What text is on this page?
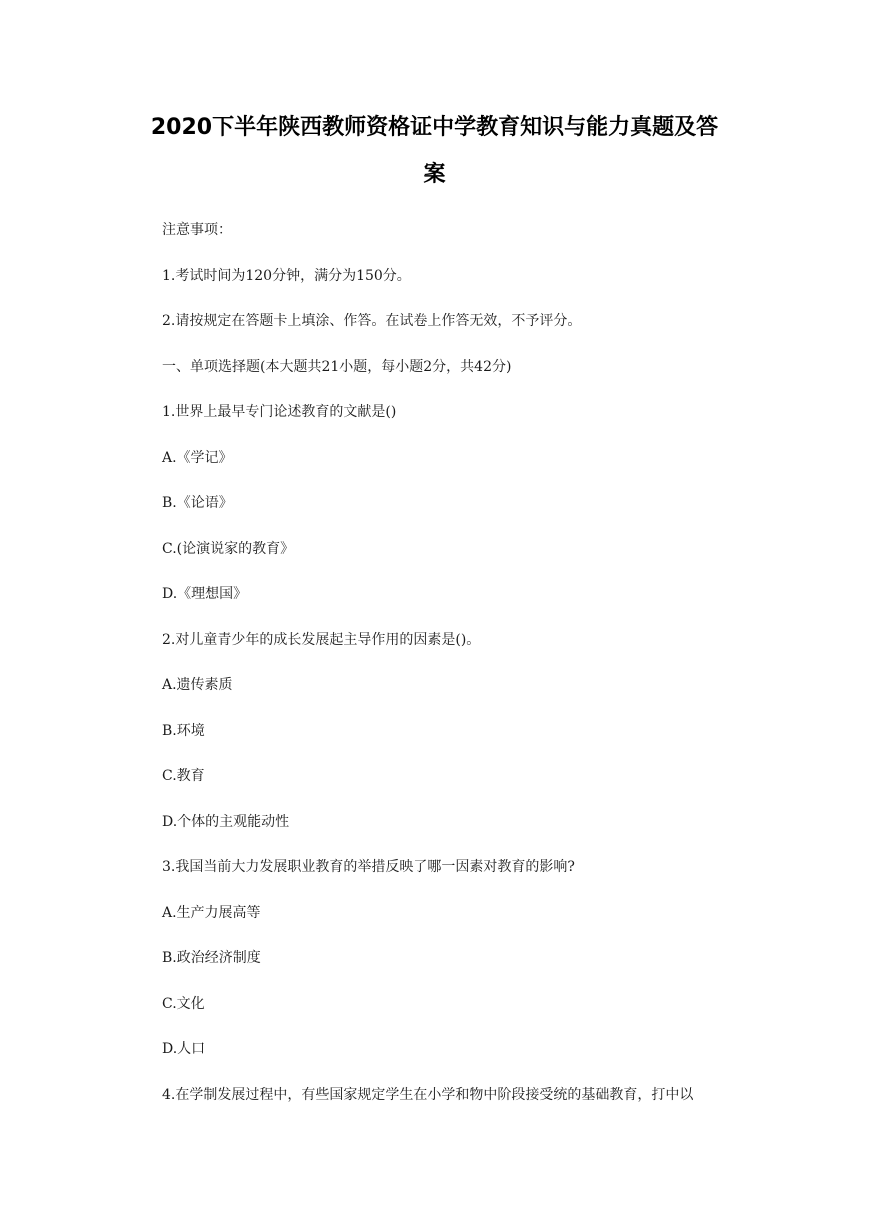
2020下半年陕西教师资格证中学教育知识与能力真题及答
案
注意事项：
1.考试时间为120分钟，满分为150分。
2.请按规定在答题卡上填涂、作答。在试卷上作答无效，不予评分。
一、单项选择题(本大题共21小题，每小题2分，共42分)
1.世界上最早专门论述教育的文献是()
A.《学记》
B.《论语》
C.(论演说家的教育》
D.《理想国》
2.对儿童青少年的成长发展起主导作用的因素是()。
A.遗传素质
B.环境
C.教育
D.个体的主观能动性
3.我国当前大力发展职业教育的举措反映了哪一因素对教育的影响?
A.生产力展高等
B.政治经济制度
C.文化
D.人口
4.在学制发展过程中，有些国家规定学生在小学和物中阶段接受统的基础教育，打中以
